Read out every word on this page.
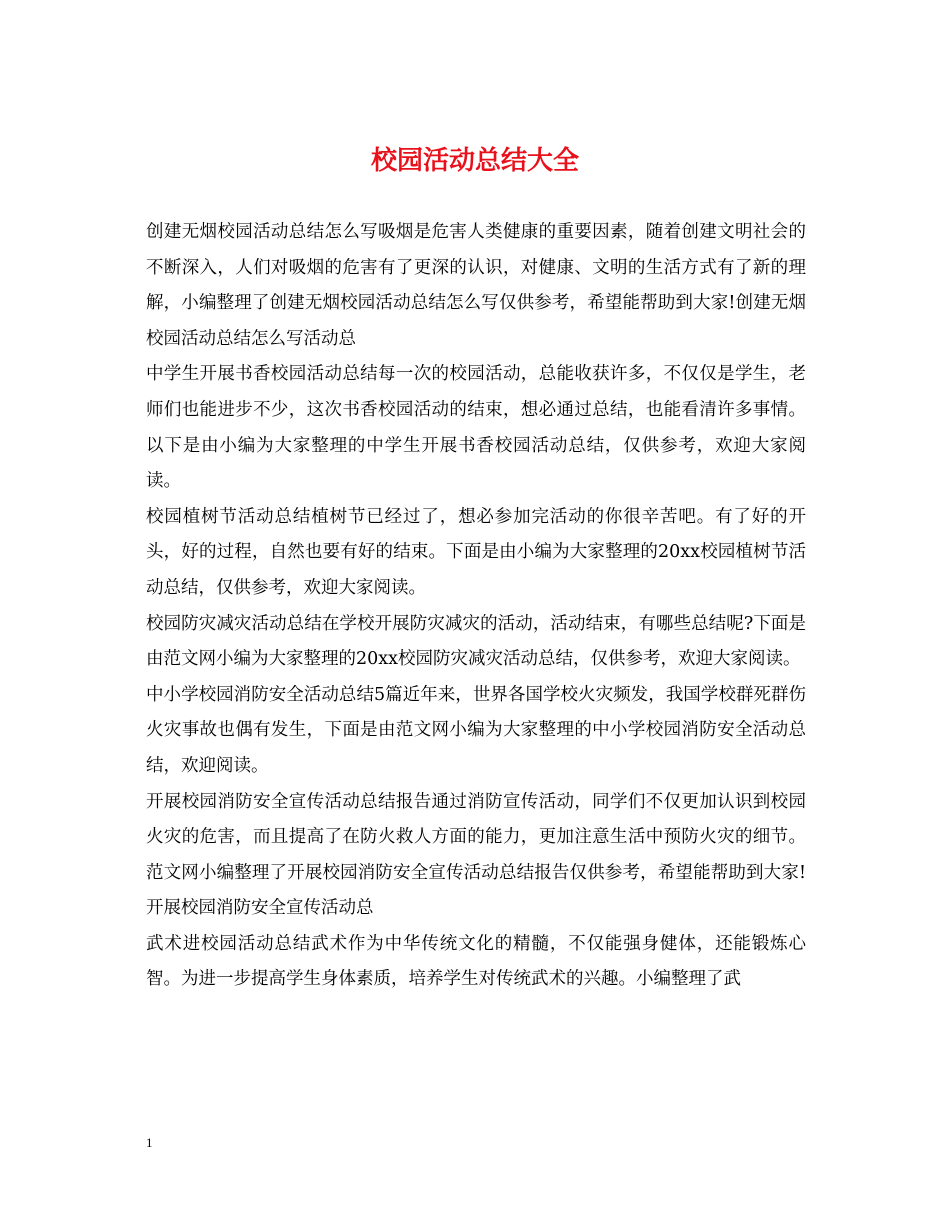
校园活动总结大全

创建无烟校园活动总结怎么写吸烟是危害人类健康的重要因素，随着创建文明社会的不断深入，人们对吸烟的危害有了更深的认识，对健康、文明的生活方式有了新的理解，小编整理了创建无烟校园活动总结怎么写仅供参考，希望能帮助到大家!创建无烟校园活动总结怎么写活动总

中学生开展书香校园活动总结每一次的校园活动，总能收获许多，不仅仅是学生，老师们也能进步不少，这次书香校园活动的结束，想必通过总结，也能看清许多事情。以下是由小编为大家整理的中学生开展书香校园活动总结，仅供参考，欢迎大家阅读。

校园植树节活动总结植树节已经过了，想必参加完活动的你很辛苦吧。有了好的开头，好的过程，自然也要有好的结束。下面是由小编为大家整理的20xx校园植树节活动总结，仅供参考，欢迎大家阅读。

校园防灾减灾活动总结在学校开展防灾减灾的活动，活动结束，有哪些总结呢?下面是由范文网小编为大家整理的20xx校园防灾减灾活动总结，仅供参考，欢迎大家阅读。

中小学校园消防安全活动总结5篇近年来，世界各国学校火灾频发，我国学校群死群伤火灾事故也偶有发生，下面是由范文网小编为大家整理的中小学校园消防安全活动总结，欢迎阅读。

开展校园消防安全宣传活动总结报告通过消防宣传活动，同学们不仅更加认识到校园火灾的危害，而且提高了在防火救人方面的能力，更加注意生活中预防火灾的细节。范文网小编整理了开展校园消防安全宣传活动总结报告仅供参考，希望能帮助到大家!开展校园消防安全宣传活动总

武术进校园活动总结武术作为中华传统文化的精髓，不仅能强身健体，还能锻炼心智。为进一步提高学生身体素质，培养学生对传统武术的兴趣。小编整理了武

1
